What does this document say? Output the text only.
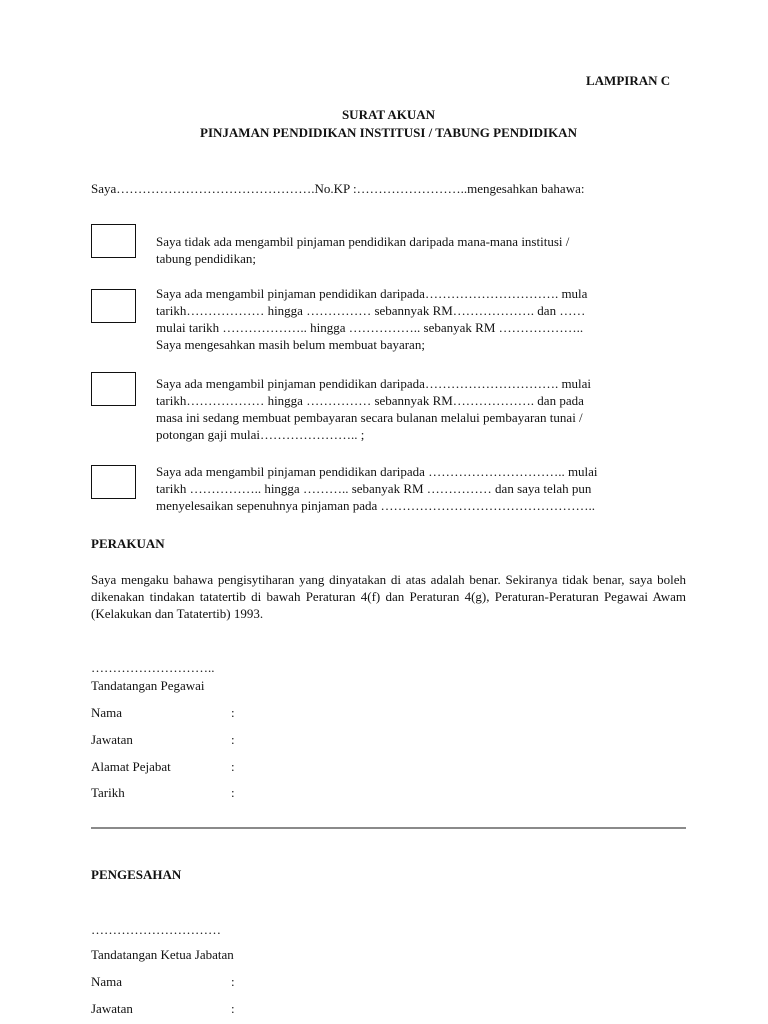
LAMPIRAN C
SURAT AKUAN
PINJAMAN PENDIDIKAN INSTITUSI / TABUNG PENDIDIKAN
Saya……………………………………….No.KP :……………………..mengesahkan bahawa:
Saya tidak ada mengambil pinjaman pendidikan daripada mana-mana institusi /
tabung pendidikan;
Saya ada mengambil pinjaman pendidikan daripada…………………………. mula
tarikh……………… hingga …………… sebannyak RM………………. dan ……
mulai tarikh ……………….. hingga …………….. sebanyak RM ………………..
Saya mengesahkan masih belum membuat bayaran;
Saya ada mengambil pinjaman pendidikan daripada…………………………. mulai
tarikh……………… hingga …………… sebannyak RM………………. dan pada
masa ini sedang membuat pembayaran secara bulanan melalui pembayaran tunai /
potongan gaji mulai………………….. ;
Saya ada mengambil pinjaman pendidikan daripada ………………………….. mulai
tarikh …………….. hingga ……….. sebanyak RM …………… dan saya telah pun
menyelesaikan sepenuhnya pinjaman pada …………………………………………..
PERAKUAN
Saya mengaku bahawa pengisytiharan yang dinyatakan di atas adalah benar. Sekiranya tidak benar, saya boleh dikenakan tindakan tatatertib di bawah Peraturan 4(f) dan Peraturan 4(g), Peraturan-Peraturan Pegawai Awam (Kelakukan dan Tatatertib) 1993.
………………………..
Tandatangan Pegawai
Nama	:
Jawatan	:
Alamat Pejabat	:
Tarikh	:
PENGESAHAN
…………………………
Tandatangan Ketua Jabatan
Nama	:
Jawatan	:
